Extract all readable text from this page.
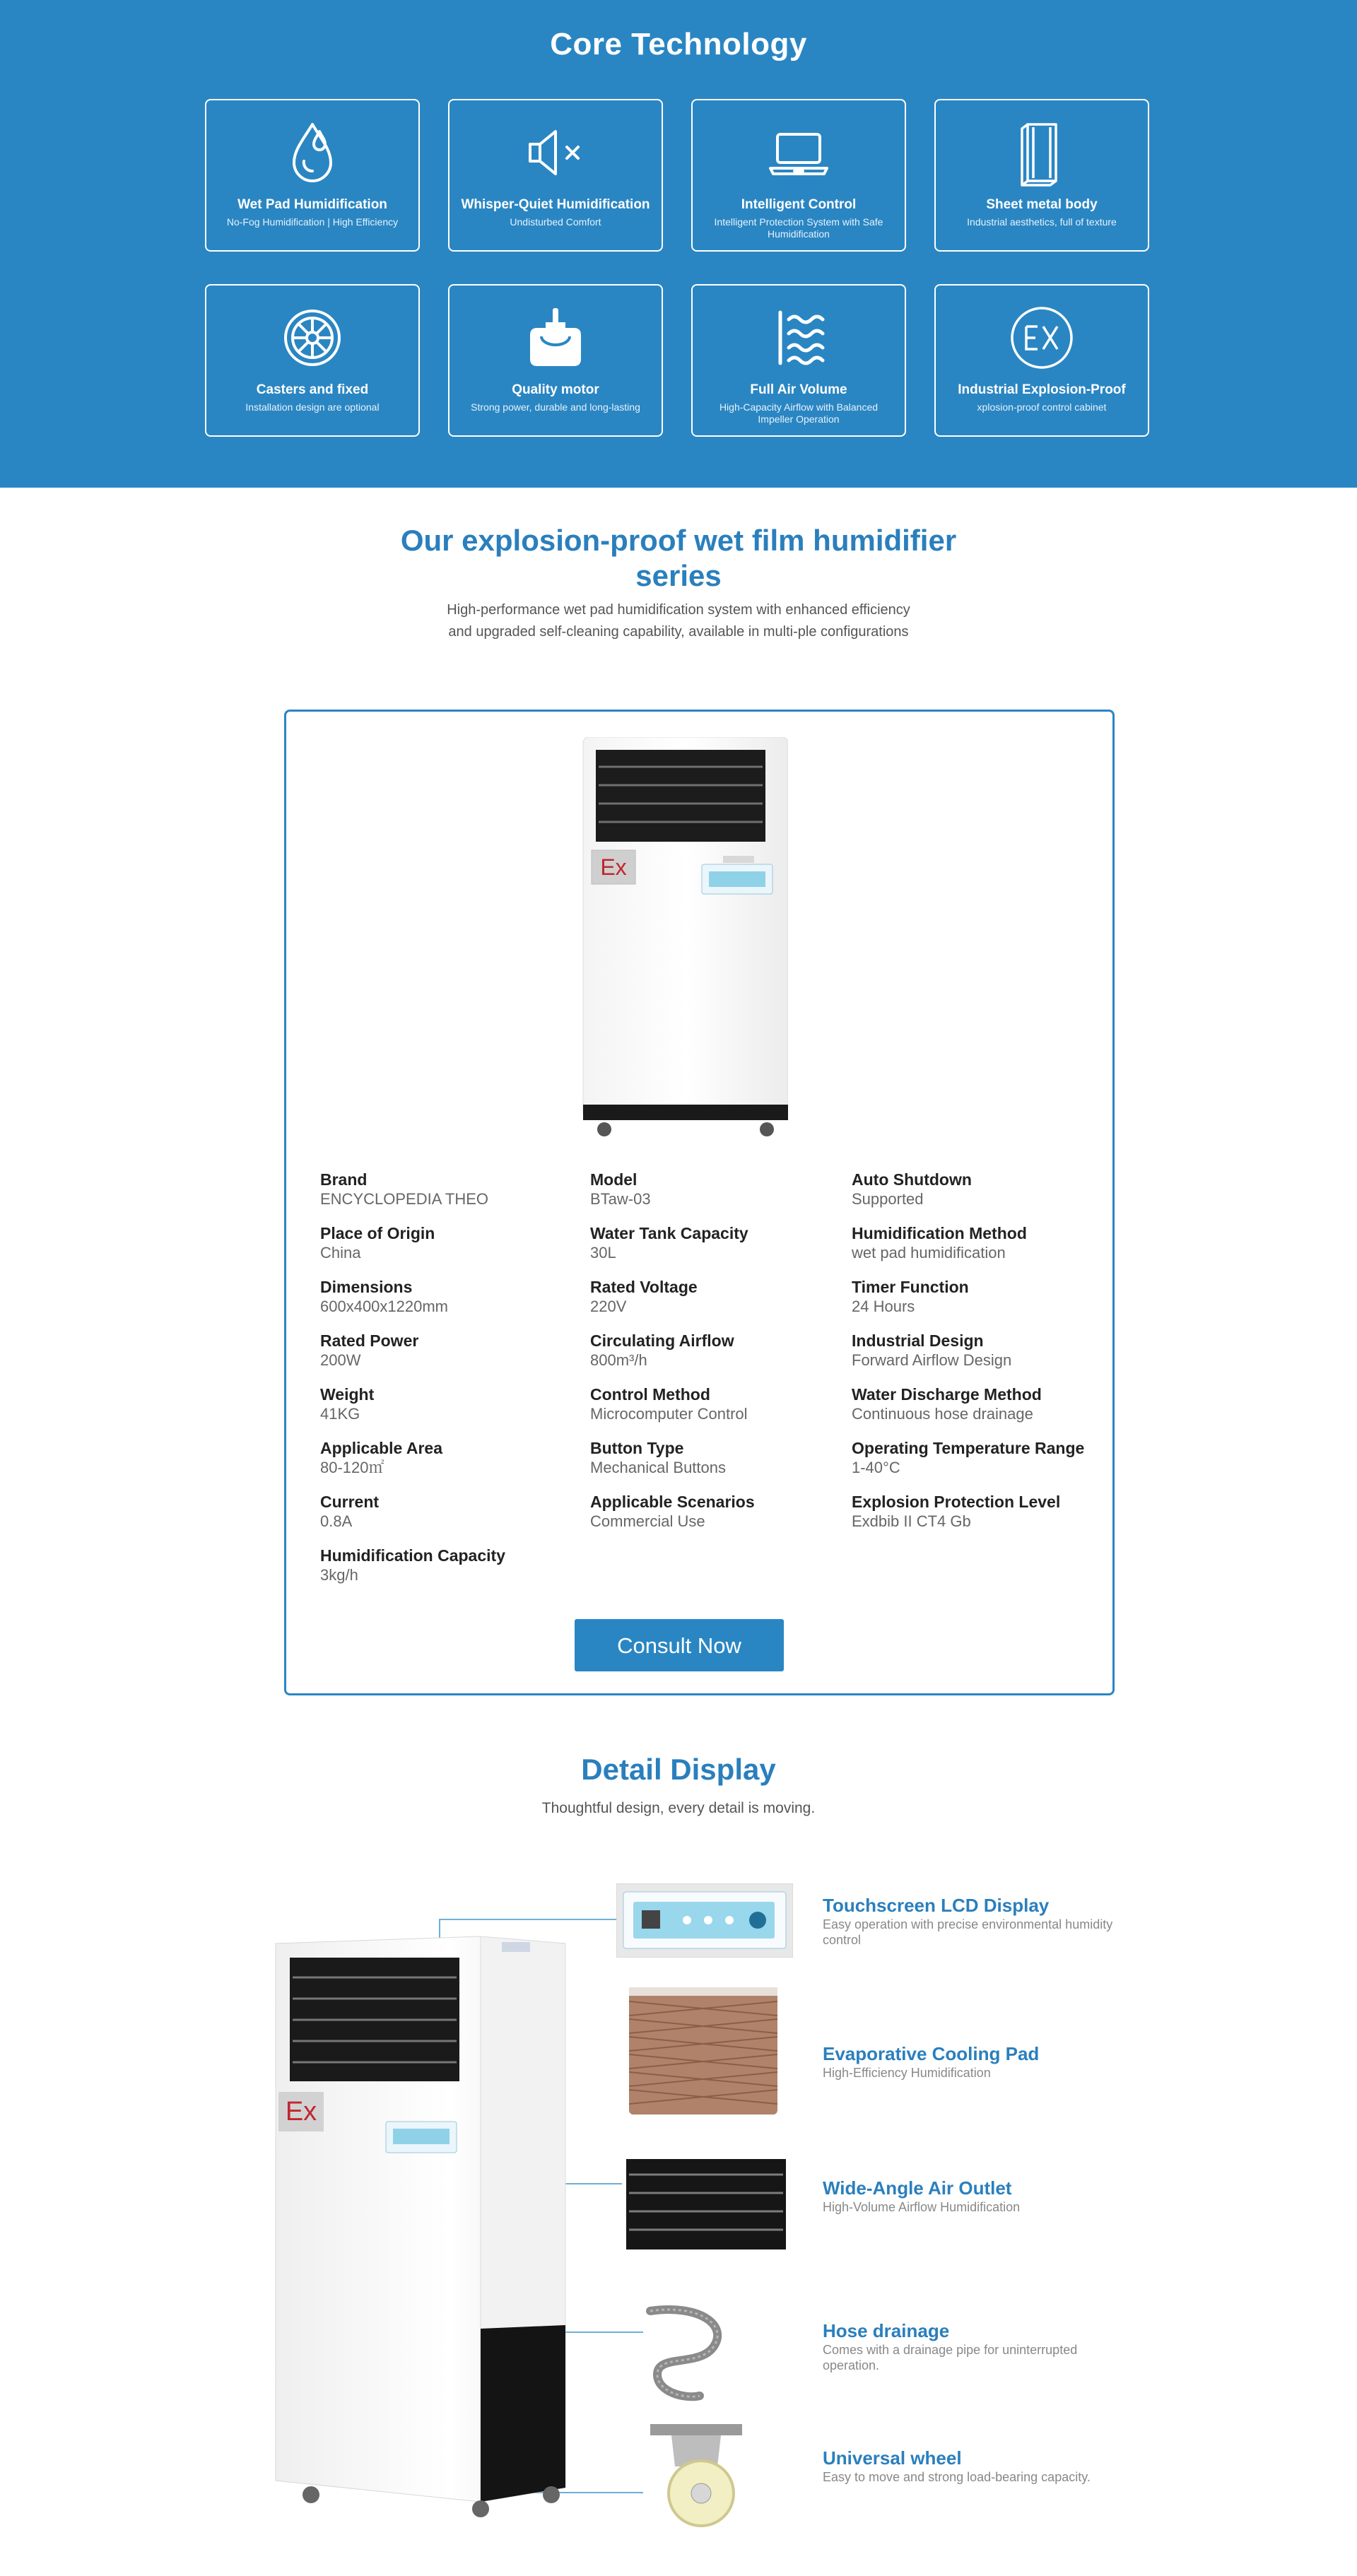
Core Technology
Wet Pad Humidification
No-Fog Humidification | High Efficiency
Whisper-Quiet Humidification
Undisturbed Comfort
Intelligent Control
Intelligent Protection System with Safe Humidification
Sheet metal body
Industrial aesthetics, full of texture
Casters and fixed
Installation design are optional
Quality motor
Strong power, durable and long-lasting
Full Air Volume
High-Capacity Airflow with Balanced Impeller Operation
Industrial Explosion-Proof
xplosion-proof control cabinet
Our explosion-proof wet film humidifier series

High-performance wet pad humidification system with enhanced efficiency and upgraded self-cleaning capability, available in multi-ple configurations

Ex
Brand
ENCYCLOPEDIA THEO
Place of Origin
China
Dimensions
600x400x1220mm
Rated Power
200W
Weight
41KG
Applicable Area
80-120㎡
Current
0.8A
Humidification Capacity
3kg/h
Model
BTaw-03
Water Tank Capacity
30L
Rated Voltage
220V
Circulating Airflow
800m³/h
Control Method
Microcomputer Control
Button Type
Mechanical Buttons
Applicable Scenarios
Commercial Use
Auto Shutdown
Supported
Humidification Method
wet pad humidification
Timer Function
24 Hours
Industrial Design
Forward Airflow Design
Water Discharge Method
Continuous hose drainage
Operating Temperature Range
1-40°C
Explosion Protection Level
Exdbib II CT4 Gb
Consult Now
Detail Display

Thoughtful design, every detail is moving.

Ex
Touchscreen LCD Display
Easy operation with precise environmental humidity control
Evaporative Cooling Pad
High-Efficiency Humidification
Wide-Angle Air Outlet
High-Volume Airflow Humidification
Hose drainage
Comes with a drainage pipe for uninterrupted operation.
Universal wheel
Easy to move and strong load-bearing capacity.
